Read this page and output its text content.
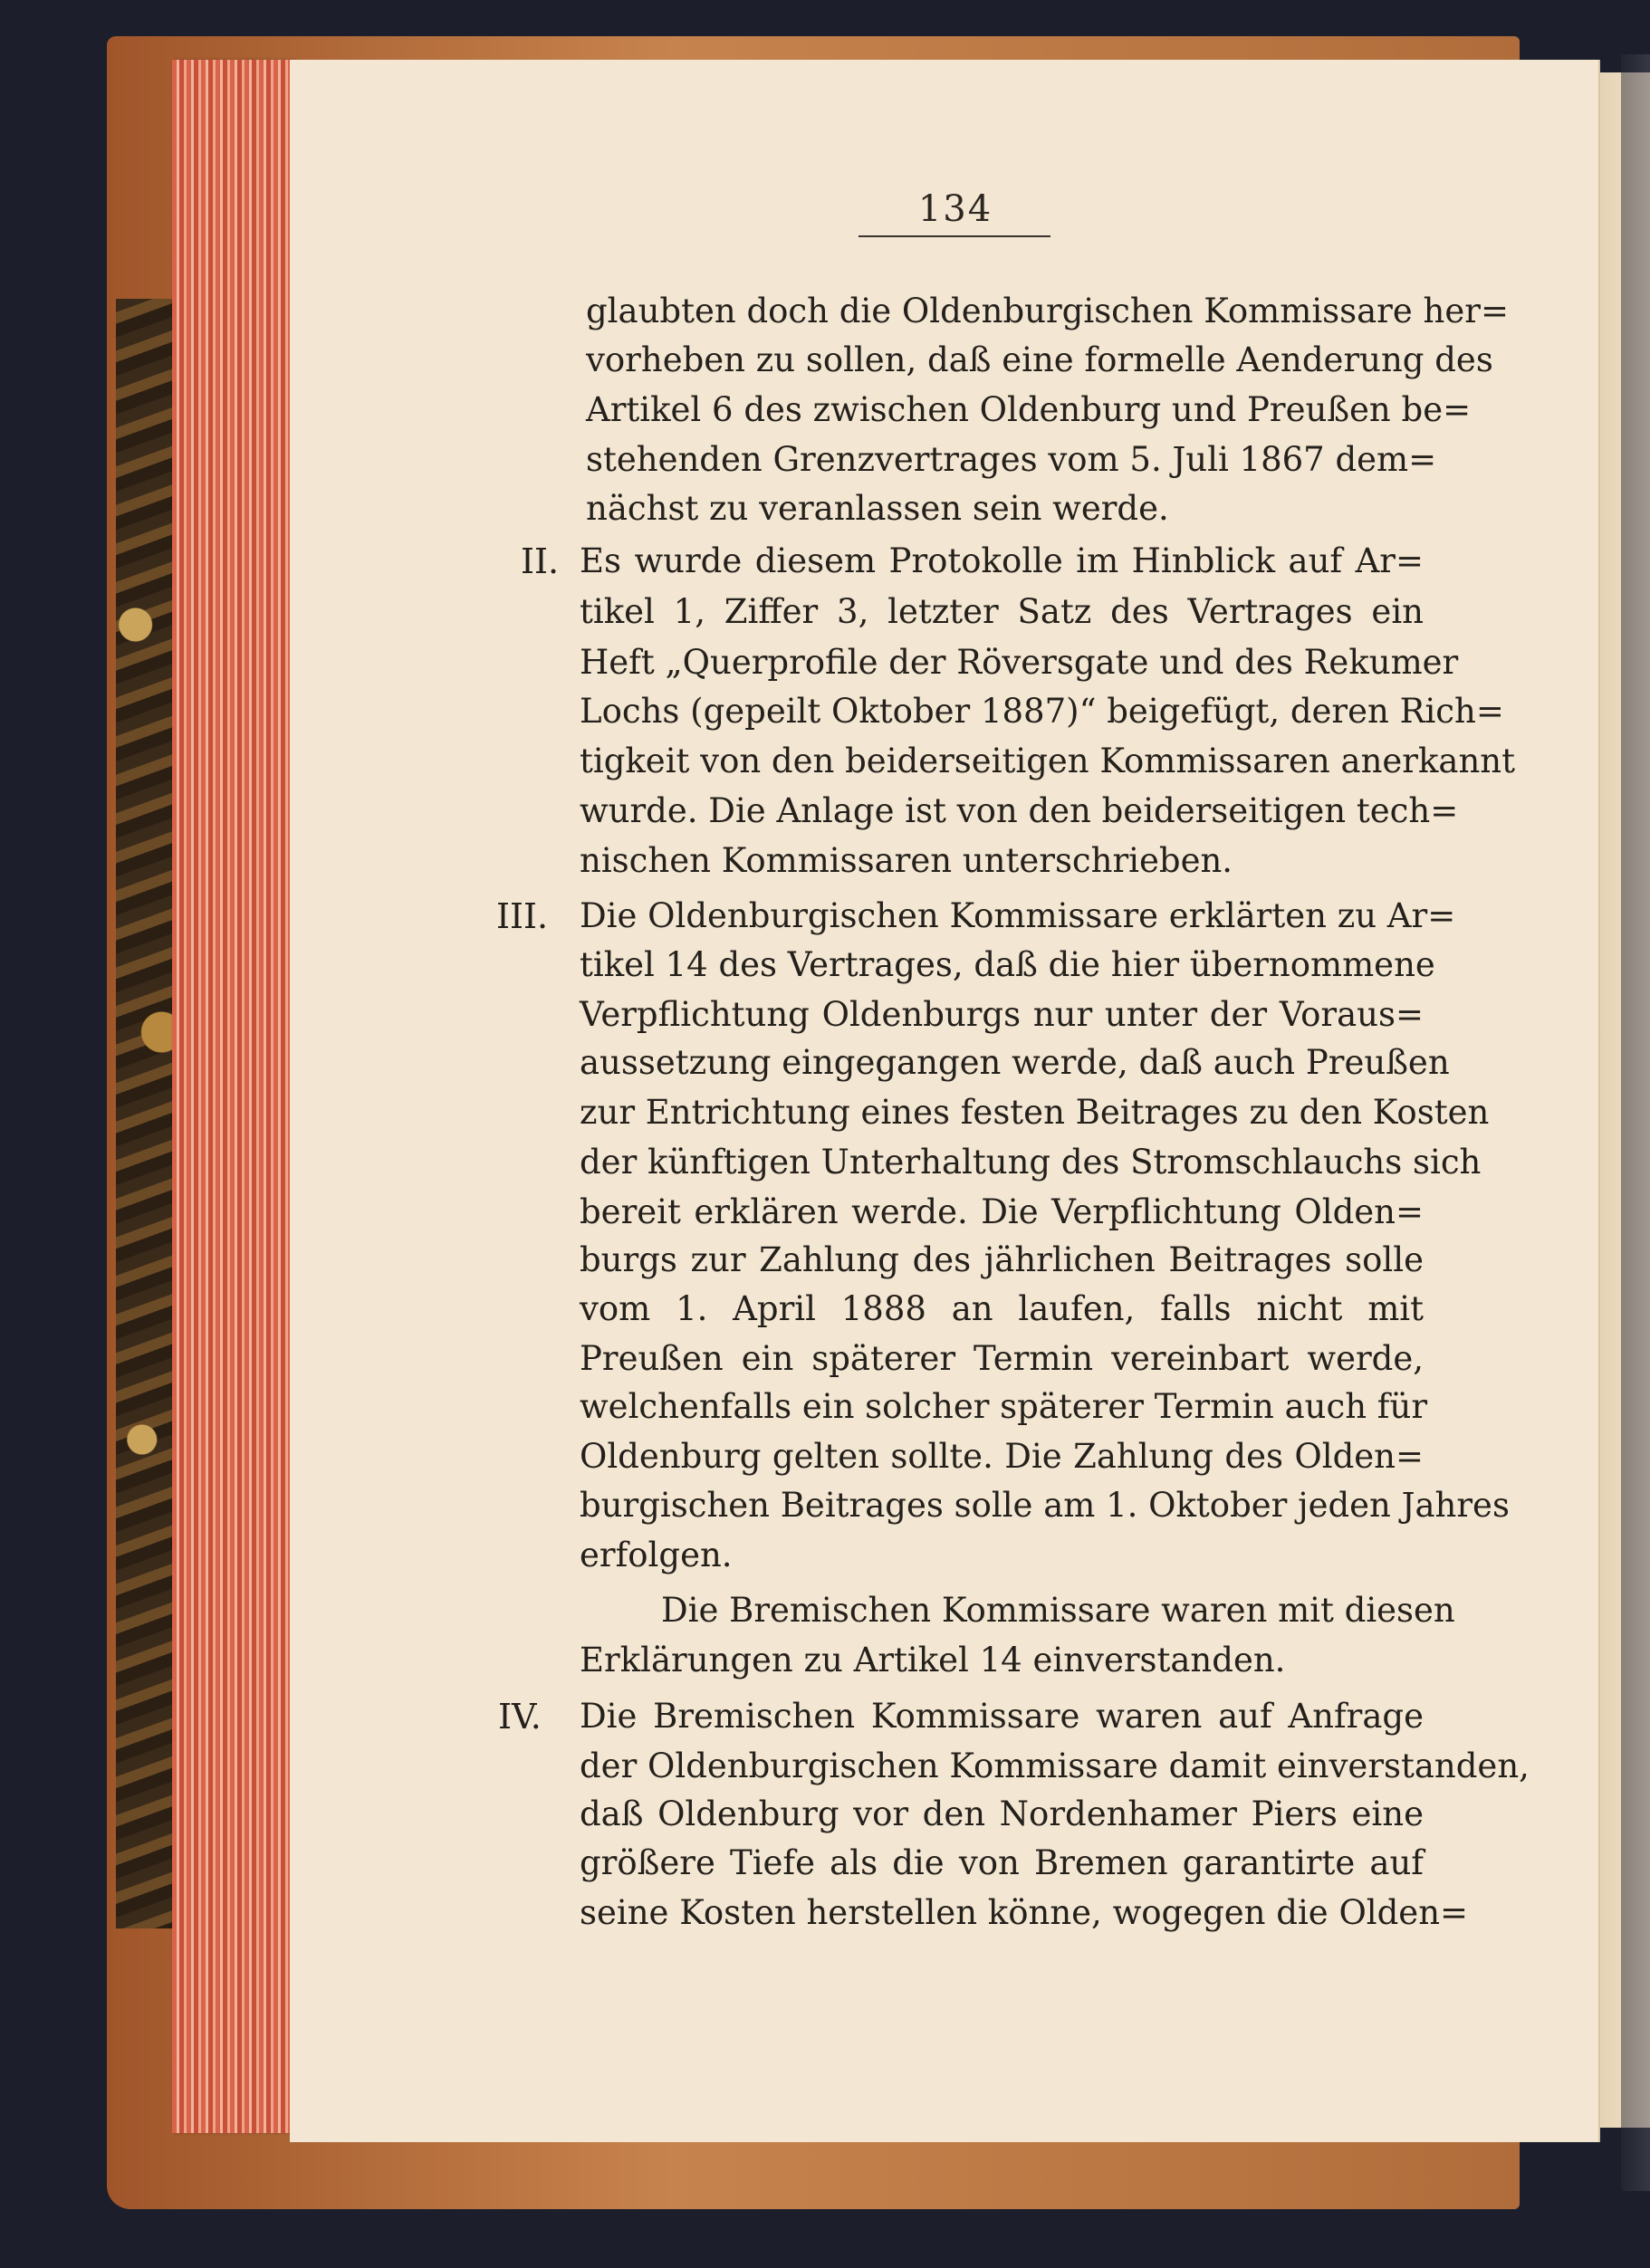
134

II.

III.

IV.

glaubten doch die Oldenburgischen Kommissare her=

vorheben zu sollen, daß eine formelle Aenderung des

Artikel 6 des zwischen Oldenburg und Preußen be=

stehenden Grenzvertrages vom 5. Juli 1867 dem=

nächst zu veranlassen sein werde.

Es wurde diesem Protokolle im Hinblick auf Ar=

tikel 1, Ziffer 3, letzter Satz des Vertrages ein

Heft „Querprofile der Röversgate und des Rekumer

Lochs (gepeilt Oktober 1887)“ beigefügt, deren Rich=

tigkeit von den beiderseitigen Kommissaren anerkannt

wurde. Die Anlage ist von den beiderseitigen tech=

nischen Kommissaren unterschrieben.

Die Oldenburgischen Kommissare erklärten zu Ar=

tikel 14 des Vertrages, daß die hier übernommene

Verpflichtung Oldenburgs nur unter der Voraus=

aussetzung eingegangen werde, daß auch Preußen

zur Entrichtung eines festen Beitrages zu den Kosten

der künftigen Unterhaltung des Stromschlauchs sich

bereit erklären werde. Die Verpflichtung Olden=

burgs zur Zahlung des jährlichen Beitrages solle

vom 1. April 1888 an laufen, falls nicht mit

Preußen ein späterer Termin vereinbart werde,

welchenfalls ein solcher späterer Termin auch für

Oldenburg gelten sollte. Die Zahlung des Olden=

burgischen Beitrages solle am 1. Oktober jeden Jahres

erfolgen.

Die Bremischen Kommissare waren mit diesen

Erklärungen zu Artikel 14 einverstanden.

Die Bremischen Kommissare waren auf Anfrage

der Oldenburgischen Kommissare damit einverstanden,

daß Oldenburg vor den Nordenhamer Piers eine

größere Tiefe als die von Bremen garantirte auf

seine Kosten herstellen könne, wogegen die Olden=
